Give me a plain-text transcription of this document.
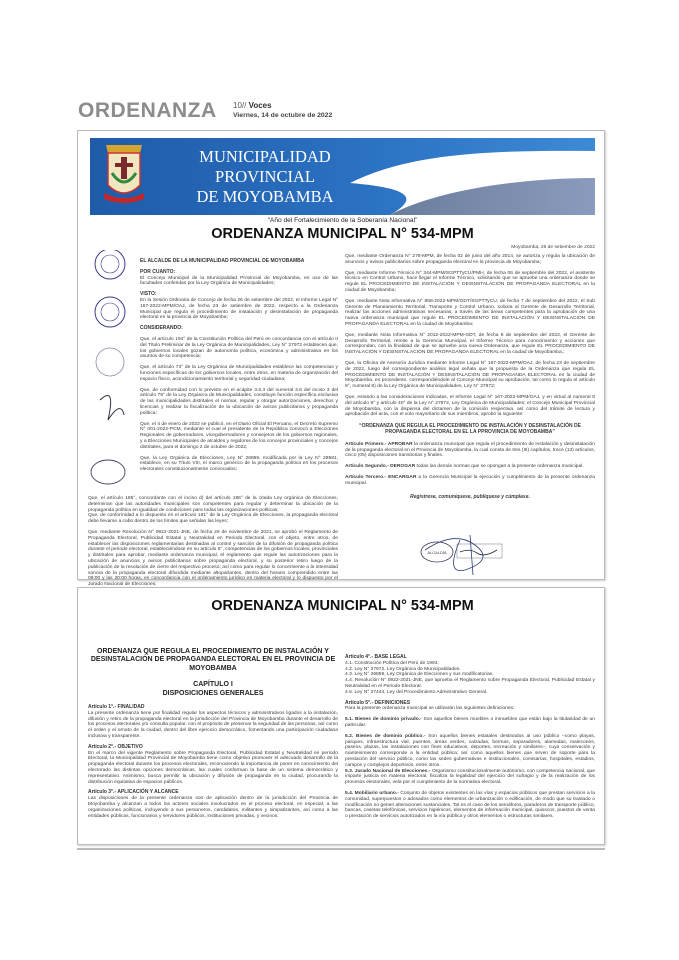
ORDENANZA 10// Voces
Viernes, 14 de octubre de 2022
MUNICIPALIDAD PROVINCIAL
DE MOYOBAMBA
“Año del Fortalecimiento de la Soberanía Nacional”
ORDENANZA MUNICIPAL N° 534-MPM
Moyobamba, 26 de setiembre de 2022

EL ALCALDE DE LA MUNICIPALIDAD PROVINCIAL DE MOYOBAMBA

POR CUANTO:
El Concejo Municipal de la Municipalidad Provincial de Moyobamba, en uso de las facultades conferidas por la Ley Orgánica de Municipalidades;

VISTO:
En la Sesión Ordinaria de Concejo de fecha 26 de setiembre del 2022, el Informe Legal N° 167-2022-MPM/OAJ, de fecha 23 de setiembre de 2022, respecto a la Ordenanza Municipal que regula el procedimiento de instalación y desinstalación de propaganda electoral en la provincia de Moyobamba;

CONSIDERANDO:

Que, el artículo 194° de la Constitución Política del Perú en concordancia con el artículo II del Título Preliminar de la Ley Orgánica de Municipalidades, Ley N° 27972 establecen que, los gobiernos locales gozan de autonomía política, económica y administrativa en los asuntos de su competencia;

Que, el artículo 73° de la Ley Orgánica de Municipalidades establece las competencias y funciones específicas de los gobiernos locales, entre otros, en materia de organización del espacio físico, acondicionamiento territorial y seguridad ciudadana;

Que, de conformidad con lo previsto en el acápite 3.6.3 del numeral 3.6 del inciso 3 del artículo 79° de la Ley Orgánica de Municipalidades, constituye función específica exclusiva de las municipalidades distritales el normar, regular y otorgar autorizaciones, derechos y licencias y realizar la fiscalización de la ubicación de avisos publicitarios y propaganda política;

Que, el 4 de enero de 2022 se publicó, en el Diario Oficial El Peruano, el Decreto Supremo N° 001-2022-PCM, mediante el cual el presidente de la República convocó a Elecciones Regionales de gobernadores, vicegobernadores y consejeros de los gobiernos regionales, y a Elecciones Municipales de alcaldes y regidores de los concejos provinciales y concejos distritales, para el domingo 2 de octubre de 2022;

Que, la Ley Orgánica de Elecciones, Ley N° 26859, modificada por la Ley N° 28581, establece, en su Título VIII, el marco genérico de la propaganda política en los procesos electorales constitucionalmente convocados;

Que, el artículo 185°, concordante con el inciso d) del artículo 186° de la citada Ley orgánica de Elecciones, determinan que las autoridades municipales son competentes para regular y determinar la ubicación de la propaganda política en igualdad de condiciones para todas las organizaciones políticas;

Que, de conformidad a lo dispuesto en el artículo 181° de la Ley Orgánica de Elecciones, la propaganda electoral debe llevarse a cabo dentro de los límites que señalan las leyes;

Que, mediante Resolución N° 0922-2021-JNE, de fecha 26 de noviembre de 2021, se aprobó el Reglamento de Propaganda Electoral, Publicidad Estatal y Neutralidad en Periodo Electoral, con el objeto, entre otros, de establecer las disposiciones reglamentarias destinadas al control y sanción de la difusión de propaganda política durante el periodo electoral, estableciéndose en su artículo 8°, competencias de los gobiernos locales, provinciales y distritales para aprobar, mediante ordenanza municipal, el reglamento que regule las autorizaciones para la ubicación de anuncios y avisos publicitarios sobre propaganda electoral, y su posterior retiro luego de la publicación de la resolución de cierre del respectivo proceso; así como para regular lo concerniente a la intensidad sonora de la propaganda electoral difundida mediante altoparlantes, dentro del horario comprendido entre las 08:00 y las 20:00 horas, en concordancia con el ordenamiento jurídico en materia electoral y lo dispuesto por el Jurado Nacional de Elecciones;

Que, mediante Ordenanza N° 278-MPM, de fecha 02 de junio del año 2014, se autoriza y regula la ubicación de anuncios y avisos publicitarios sobre propaganda electoral en la provincia de Moyobamba;

Que, mediante Informe Técnico N° 344-MPM/SGPTTyCU/PMH, de fecha 06 de septiembre del 2022, el asistente técnico en Control Urbano, hace llegar el Informe Técnico, solicitando que se apruebe una ordenanza donde se regule EL PROCEDIMIENTO DE INSTALACIÓN Y DESINSTALACIÓN DE PROPAGANDA ELECTORAL en la ciudad de Moyobamba;

Que, mediante Nota Informativa N° 858-2022-MPM/GDT/SGPTTyCU, de fecha 7 de septiembre del 2022, el Sub Gerente de Planeamiento Territorial, Transporte y Control Urbano, solicita al Gerente de Desarrollo Territorial, realizar las acciones administrativas necesarias, a través de las áreas competentes para la aprobación de una nueva ordenanza municipal que regule EL PROCEDIMIENTO DE INSTALACIÓN Y DESINSTALACIÓN DE PROPAGANDA ELECTORAL en la ciudad de Moyobamba;

Que, mediante Nota Informativa N° 2012-2022-MPM-GDT, de fecha 8 de septiembre del 2022, el Gerente de Desarrollo Territorial, remite a la Gerencia Municipal, el Informe Técnico para conocimiento y acciones que correspondan, con la finalidad de que se apruebe una nueva Ordenanza, que regule EL PROCEDIMIENTO DE INSTALACIÓN Y DESINSTALACIÓN DE PROPAGANDA ELECTORAL en la ciudad de Moyobamba.;

Que, la Oficina de Asesoría Jurídica mediante Informe Legal N° 167-2022-MPM/OAJ, de fecha 23 de septiembre de 2022, luego del correspondiente análisis legal señala que la propuesta de la Ordenanza que regula EL PROCEDIMIENTO DE INSTALACIÓN Y DESINSTALACIÓN DE PROPAGANDA ELECTORAL en la ciudad de Moyobamba, es procedente, correspondiéndole al Concejo Municipal su aprobación, tal como lo regula el artículo 9°, numeral 8) de la Ley Orgánica de Municipalidades, Ley N° 27972;

Que, estando a las consideraciones indicadas, el Informe Legal N° 167-2022-MPM/OAJ, y en virtud al numeral 8 del artículo 9° y artículo 40° de la Ley N° 27972, Ley Orgánica de Municipalidades; el Concejo Municipal Provincial de Moyobamba, con la dispensa del dictamen de la comisión respectiva, así como del trámite de lectura y aprobación del acta, con el voto mayoritario de sus miembros, aprobó la siguiente:

“ORDENANZA QUE REGULA EL PROCEDIMIENTO DE INSTALACIÓN Y DESINSTALACIÓN DE PROPAGANDA ELECTORAL EN EL LA PPROVINCIA DE MOYOBAMBA”

Artículo Primero.- APROBAR la ordenanza municipal que regula el procedimiento de instalación y desinstalación de la propaganda electoral en el Provincia de Moyobamba, la cual consta de tres (III) capítulos, trece (13) artículos, cinco (05) disposiciones transitorias y finales.

Artículo Segundo.- DEROGAR todas las demás normas que se opongan a la presente ordenanza municipal.

Artículo Tercero.- ENCARGAR a la Gerencia Municipal la ejecución y cumplimiento de la presente ordenanza municipal.

Regístrese, comuníquese, publíquese y cúmplase.
ALCALDÍA
ORDENANZA MUNICIPAL N° 534-MPM
ORDENANZA QUE REGULA EL PROCEDIMIENTO DE INSTALACIÓN Y DESINSTALACIÓN DE PROPAGANDA ELECTORAL EN EL PROVINCIA DE MOYOBAMBA
CAPÍTULO I
DISPOSICIONES GENERALES

Artículo 1°.- FINALIDAD
La presente ordenanza tiene por finalidad regular los aspectos técnicos y administrativos ligados a la instalación, difusión y retiro de la propaganda electoral en la jurisdicción del Provincia de Moyobamba durante el desarrollo de los procesos electorales y/o consulta popular, con el propósito de preservar la seguridad de las personas, así como el orden y el ornato de la ciudad, dentro del libre ejercicio democrático, fomentando una participación ciudadana inclusiva y transparente.

Artículo 2°.- OBJETIVO
En el marco del vigente Reglamento sobre Propaganda Electoral, Publicidad Estatal y Neutralidad en periodo Electoral, la Municipalidad Provincial de Moyobamba tiene como objetivo promover el adecuado desarrollo de la propaganda electoral durante los procesos electorales, reconociendo la importancia de poner en conocimiento del electorado las distintas opciones democráticas, las cuales conforman la base de un sistema democrático y representativo. Asimismo, busca permitir la ubicación y difusión de propaganda en la ciudad, procurando la distribución equitativa de espacios públicos.

Artículo 3°.- APLICACIÓN Y ALCANCE
Las disposiciones de la presente ordenanza son de aplicación dentro de la jurisdicción del Provincia de Moyobamba y alcanzan a todos los actores sociales involucrados en el proceso electoral, en especial, a las organizaciones políticas, incluyendo a sus personeros, candidatos, militantes y simpatizantes, así como a las entidades públicas, funcionarios y servidores públicos, instituciones privadas, y vecinos.

Artículo 4°.- BASE LEGAL
4.1. Constitución Política del Perú de 1993.
4.2. Ley N° 27972, Ley Orgánica de Municipalidades.
4.3. Ley N° 26859, Ley Orgánica de Elecciones y sus modificatorias.
4.4. Resolución N° 0922-2021-JNE, que aprueba el Reglamento sobre Propaganda Electoral, Publicidad Estatal y Neutralidad en el Periodo Electoral.
4.5. Ley N° 27444, Ley del Procedimiento Administrativo General.

Artículo 5°.- DEFINICIONES
Para la presente ordenanza municipal se utilizarán las siguientes definiciones:

5.1. Bienes de dominio privado.- Son aquellos bienes muebles o inmuebles que están bajo la titularidad de un particular.

5.2. Bienes de dominio público.- Son aquellos bienes estatales destinados al uso público –como playas, parques, infraestructura vial, puentes, áreas verdes, calzadas, bermas, separadores, alamedas, malecones, paseos, plazas, las instalaciones con fines educativos, deportes, recreación y similares–, cuya conservación y mantenimiento corresponde a la entidad pública; así como aquellos bienes que sirven de soporte para la prestación del servicio público, como las sedes gubernativas e institucionales, comisarías, hospitales, estadios, campos y complejos deportivos, entre otros.

5.3. Jurado Nacional de Elecciones.- Organismo constitucionalmente autónomo, con competencia nacional, que imparte justicia en materia electoral, fiscaliza la legalidad del ejercicio del sufragio y de la realización de los procesos electorales, vela por el cumplimiento de la normativa electoral.

5.4. Mobiliario urbano.- Conjunto de objetos existentes en las vías y espacios públicos que prestan servicios a la comunidad, superpuestos o adosados como elementos de urbanización o edificación, de modo que su traslado o modificación no generi alteraciones sustanciales. Tal es el caso de los semáforos, paraderos de transporte público, bancas, casetas telefónicas, servicios higiénicos, elementos de información municipal, quioscos, puestos de venta o prestación de servicios autorizados en la vía pública y otros elementos o estructuras similares.
